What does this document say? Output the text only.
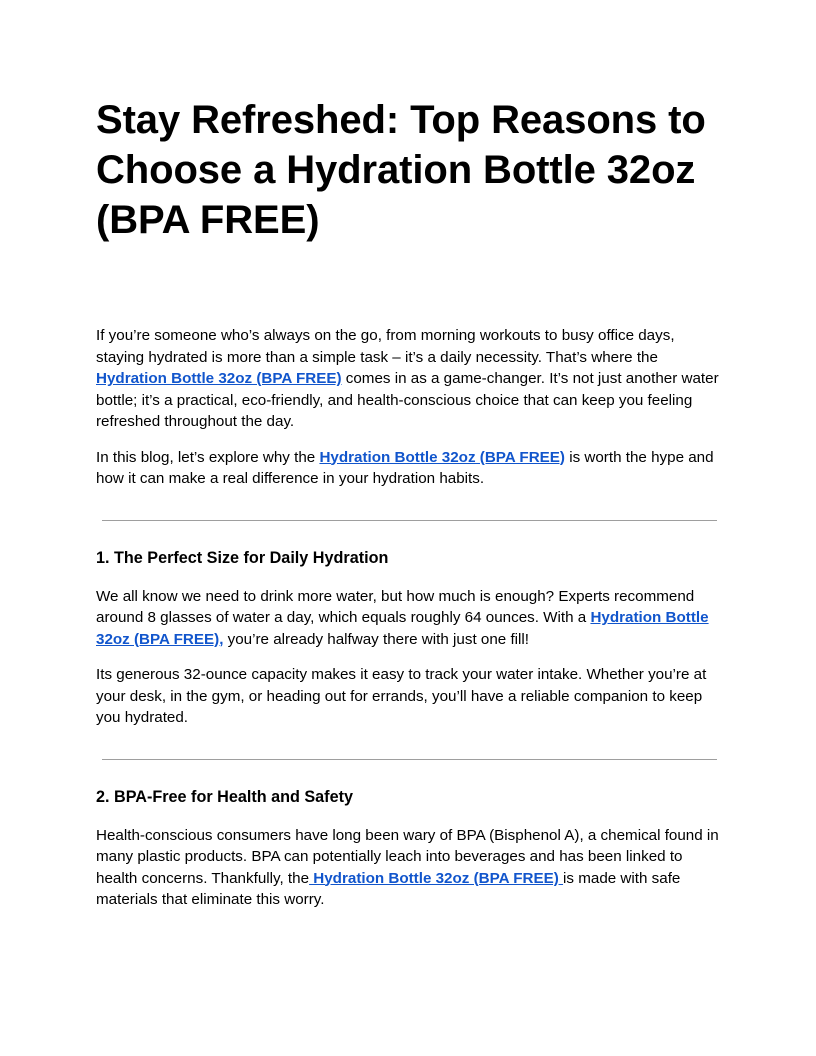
Stay Refreshed: Top Reasons to Choose a Hydration Bottle 32oz (BPA FREE)

If you’re someone who’s always on the go, from morning workouts to busy office days, staying hydrated is more than a simple task – it’s a daily necessity. That’s where the Hydration Bottle 32oz (BPA FREE) comes in as a game-changer. It’s not just another water bottle; it’s a practical, eco-friendly, and health-conscious choice that can keep you feeling refreshed throughout the day.

In this blog, let’s explore why the Hydration Bottle 32oz (BPA FREE) is worth the hype and how it can make a real difference in your hydration habits.

1. The Perfect Size for Daily Hydration

We all know we need to drink more water, but how much is enough? Experts recommend around 8 glasses of water a day, which equals roughly 64 ounces. With a Hydration Bottle 32oz (BPA FREE), you’re already halfway there with just one fill!

Its generous 32-ounce capacity makes it easy to track your water intake. Whether you’re at your desk, in the gym, or heading out for errands, you’ll have a reliable companion to keep you hydrated.

2. BPA-Free for Health and Safety

Health-conscious consumers have long been wary of BPA (Bisphenol A), a chemical found in many plastic products. BPA can potentially leach into beverages and has been linked to health concerns. Thankfully, the Hydration Bottle 32oz (BPA FREE) is made with safe materials that eliminate this worry.
